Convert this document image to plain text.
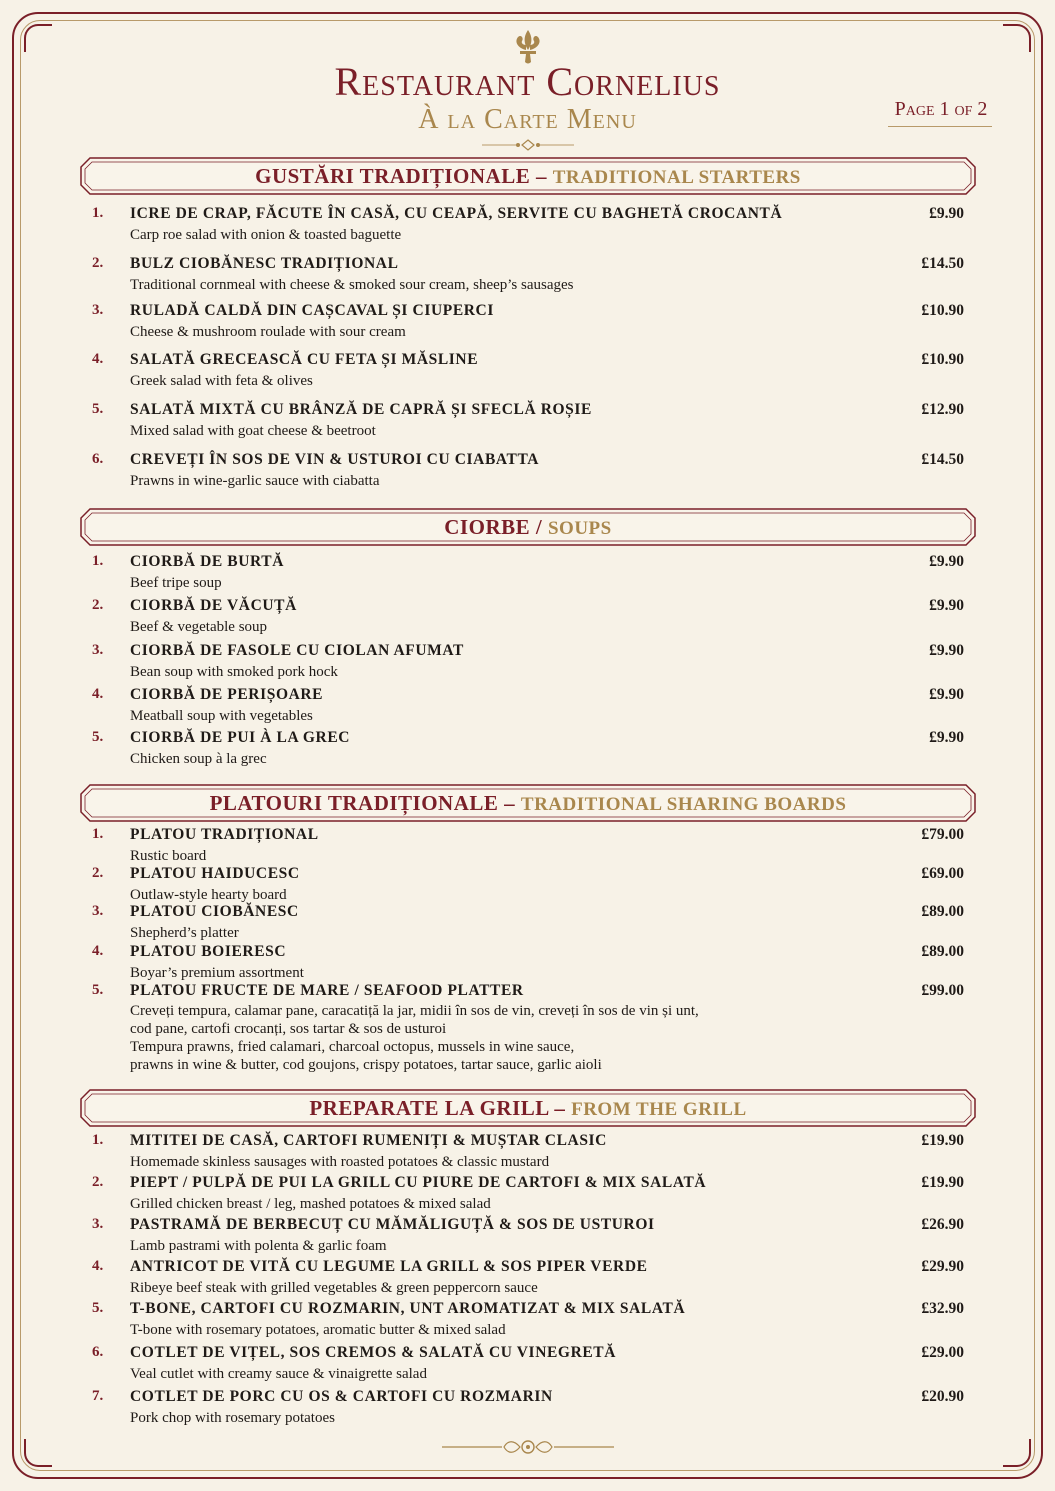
Restaurant Cornelius
À la Carte Menu	Page 1 of 2
GUSTĂRI TRADIȚIONALE – TRADITIONAL STARTERS
1.	ICRE DE CRAP, FĂCUTE ÎN CASĂ, CU CEAPĂ, SERVITE CU BAGHETĂ CROCANTĂ	£9.90
Carp roe salad with onion & toasted baguette
2.	BULZ CIOBĂNESC TRADIȚIONAL	£14.50
Traditional cornmeal with cheese & smoked sour cream, sheep’s sausages
3.	RULADĂ CALDĂ DIN CAȘCAVAL ȘI CIUPERCI	£10.90
Cheese & mushroom roulade with sour cream
4.	SALATĂ GRECEASCĂ CU FETA ȘI MĂSLINE	£10.90
Greek salad with feta & olives
5.	SALATĂ MIXTĂ CU BRÂNZĂ DE CAPRĂ ȘI SFECLĂ ROȘIE	£12.90
Mixed salad with goat cheese & beetroot
6.	CREVEȚI ÎN SOS DE VIN & USTUROI CU CIABATTA	£14.50
Prawns in wine-garlic sauce with ciabatta
CIORBE / SOUPS
1.	CIORBĂ DE BURTĂ	£9.90
Beef tripe soup
2.	CIORBĂ DE VĂCUȚĂ	£9.90
Beef & vegetable soup
3.	CIORBĂ DE FASOLE CU CIOLAN AFUMAT	£9.90
Bean soup with smoked pork hock
4.	CIORBĂ DE PERIȘOARE	£9.90
Meatball soup with vegetables
5.	CIORBĂ DE PUI À LA GREC	£9.90
Chicken soup à la grec
PLATOURI TRADIȚIONALE – TRADITIONAL SHARING BOARDS
1.	PLATOU TRADIȚIONAL	£79.00
Rustic board
2.	PLATOU HAIDUCESC	£69.00
Outlaw-style hearty board
3.	PLATOU CIOBĂNESC	£89.00
Shepherd’s platter
4.	PLATOU BOIERESC	£89.00
Boyar’s premium assortment
5.	PLATOU FRUCTE DE MARE / SEAFOOD PLATTER	£99.00
Creveți tempura, calamar pane, caracatiță la jar, midii în sos de vin, creveți în sos de vin și unt,
cod pane, cartofi crocanți, sos tartar & sos de usturoi
Tempura prawns, fried calamari, charcoal octopus, mussels in wine sauce,
prawns in wine & butter, cod goujons, crispy potatoes, tartar sauce, garlic aioli
PREPARATE LA GRILL – FROM THE GRILL
1.	MITITEI DE CASĂ, CARTOFI RUMENIȚI & MUȘTAR CLASIC	£19.90
Homemade skinless sausages with roasted potatoes & classic mustard
2.	PIEPT / PULPĂ DE PUI LA GRILL CU PIURE DE CARTOFI & MIX SALATĂ	£19.90
Grilled chicken breast / leg, mashed potatoes & mixed salad
3.	PASTRAMĂ DE BERBECUȚ CU MĂMĂLIGUȚĂ & SOS DE USTUROI	£26.90
Lamb pastrami with polenta & garlic foam
4.	ANTRICOT DE VITĂ CU LEGUME LA GRILL & SOS PIPER VERDE	£29.90
Ribeye beef steak with grilled vegetables & green peppercorn sauce
5.	T-BONE, CARTOFI CU ROZMARIN, UNT AROMATIZAT & MIX SALATĂ	£32.90
T-bone with rosemary potatoes, aromatic butter & mixed salad
6.	COTLET DE VIȚEL, SOS CREMOS & SALATĂ CU VINEGRETĂ	£29.00
Veal cutlet with creamy sauce & vinaigrette salad
7.	COTLET DE PORC CU OS & CARTOFI CU ROZMARIN	£20.90
Pork chop with rosemary potatoes
